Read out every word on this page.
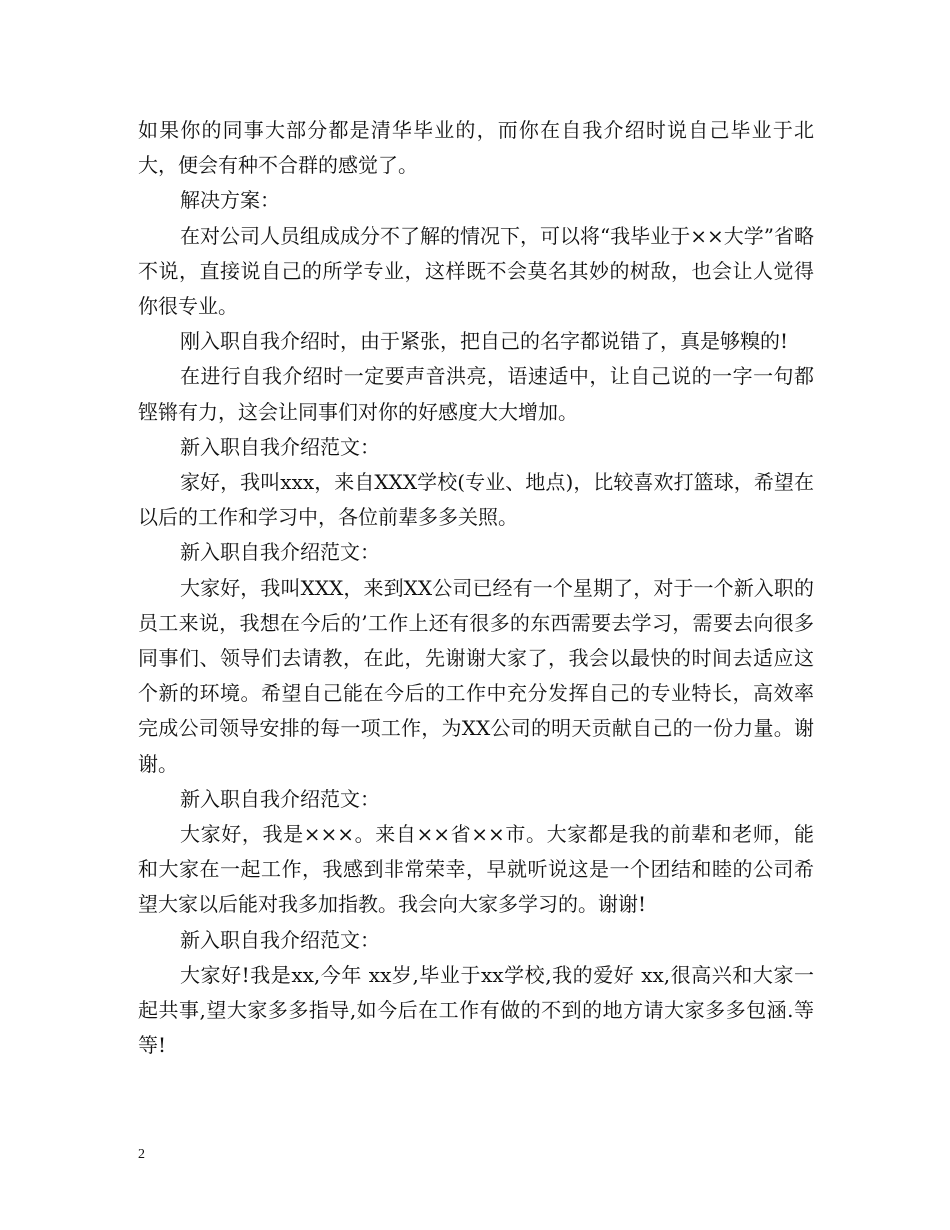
如果你的同事大部分都是清华毕业的，而你在自我介绍时说自己毕业于北大，便会有种不合群的感觉了。

解决方案：

在对公司人员组成成分不了解的情况下，可以将“我毕业于××大学”省略不说，直接说自己的所学专业，这样既不会莫名其妙的树敌，也会让人觉得你很专业。

刚入职自我介绍时，由于紧张，把自己的名字都说错了，真是够糗的!

在进行自我介绍时一定要声音洪亮，语速适中，让自己说的一字一句都铿锵有力，这会让同事们对你的好感度大大增加。

新入职自我介绍范文：

家好，我叫xxx，来自XXX学校(专业、地点)，比较喜欢打篮球，希望在以后的工作和学习中，各位前辈多多关照。

新入职自我介绍范文：

大家好，我叫XXX，来到XX公司已经有一个星期了，对于一个新入职的员工来说，我想在今后的’工作上还有很多的东西需要去学习，需要去向很多同事们、领导们去请教，在此，先谢谢大家了，我会以最快的时间去适应这个新的环境。希望自己能在今后的工作中充分发挥自己的专业特长，高效率完成公司领导安排的每一项工作，为XX公司的明天贡献自己的一份力量。谢谢。

新入职自我介绍范文：

大家好，我是×××。来自××省××市。大家都是我的前辈和老师，能和大家在一起工作，我感到非常荣幸，早就听说这是一个团结和睦的公司希望大家以后能对我多加指教。我会向大家多学习的。谢谢!

新入职自我介绍范文：

大家好!我是xx,今年 xx岁,毕业于xx学校,我的爱好 xx,很高兴和大家一起共事,望大家多多指导,如今后在工作有做的不到的地方请大家多多包涵.等等!

2
